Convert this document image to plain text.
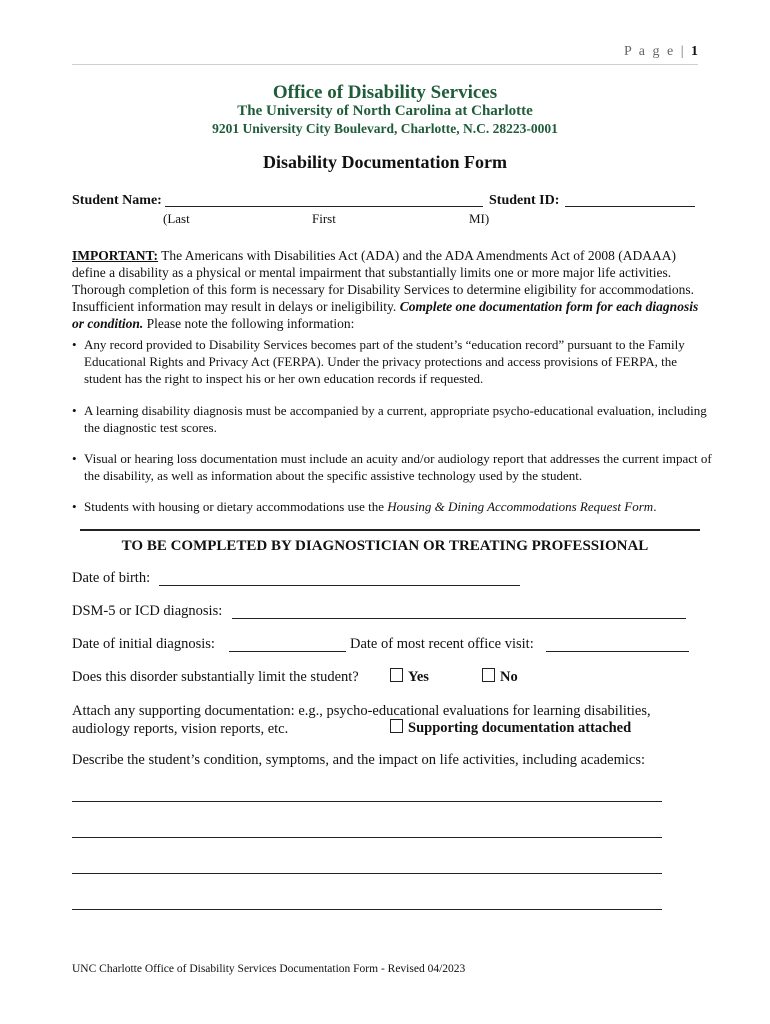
P a g e | 1
Office of Disability Services
The University of North Carolina at Charlotte
9201 University City Boulevard, Charlotte, N.C. 28223-0001
Disability Documentation Form
Student Name:	Student ID:
(Last	First	MI)
IMPORTANT: The Americans with Disabilities Act (ADA) and the ADA Amendments Act of 2008 (ADAAA) define a disability as a physical or mental impairment that substantially limits one or more major life activities. Thorough completion of this form is necessary for Disability Services to determine eligibility for accommodations. Insufficient information may result in delays or ineligibility. Complete one documentation form for each diagnosis or condition. Please note the following information:
• Any record provided to Disability Services becomes part of the student’s “education record” pursuant to the Family Educational Rights and Privacy Act (FERPA). Under the privacy protections and access provisions of FERPA, the student has the right to inspect his or her own education records if requested.
• A learning disability diagnosis must be accompanied by a current, appropriate psycho-educational evaluation, including the diagnostic test scores.
• Visual or hearing loss documentation must include an acuity and/or audiology report that addresses the current impact of the disability, as well as information about the specific assistive technology used by the student.
• Students with housing or dietary accommodations use the Housing & Dining Accommodations Request Form.
TO BE COMPLETED BY DIAGNOSTICIAN OR TREATING PROFESSIONAL
Date of birth:
DSM-5 or ICD diagnosis:
Date of initial diagnosis:	Date of most recent office visit:
Does this disorder substantially limit the student?	Yes	No
Attach any supporting documentation: e.g., psycho-educational evaluations for learning disabilities, audiology reports, vision reports, etc.	Supporting documentation attached
Describe the student’s condition, symptoms, and the impact on life activities, including academics:
UNC Charlotte Office of Disability Services Documentation Form - Revised 04/2023
